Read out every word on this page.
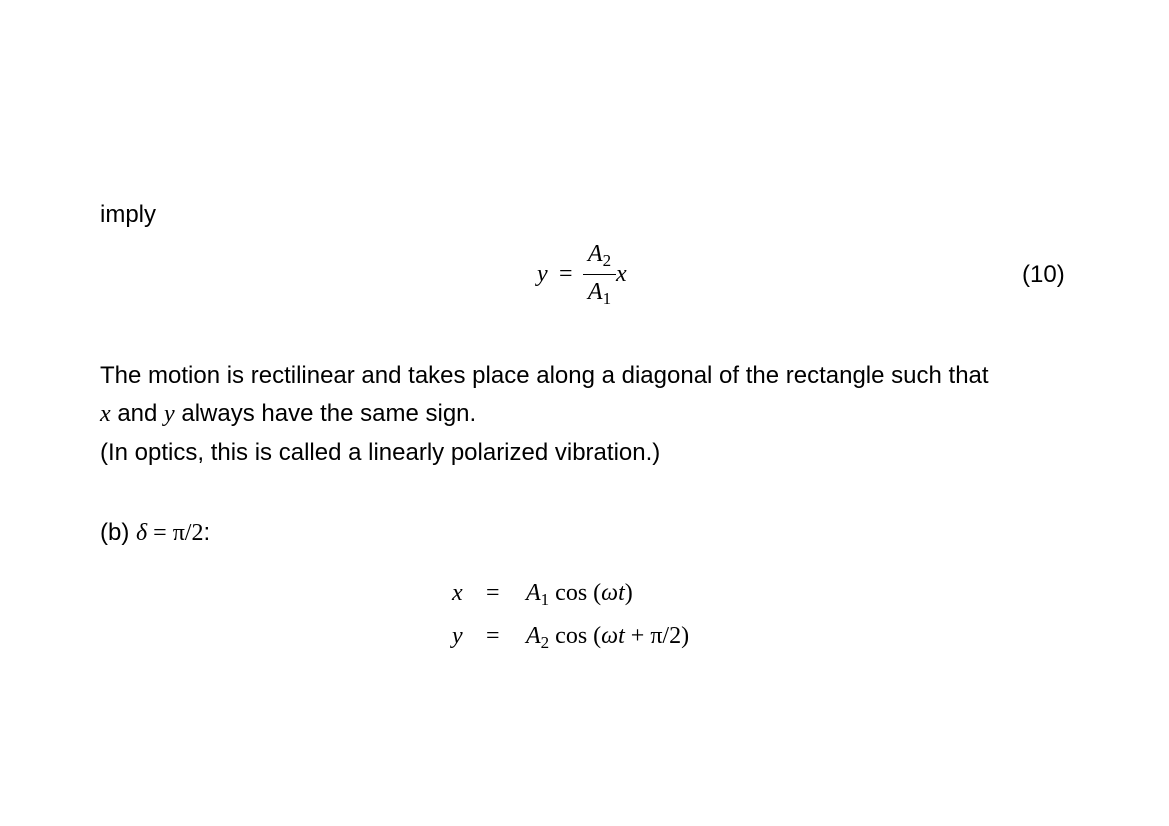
imply
y =
$A_2$
$A_1$
x	(10)
The motion is rectilinear and takes place along a diagonal of the rectangle such that
x and y always have the same sign.
(In optics, this is called a linearly polarized vibration.)
(b) δ = π/2:
$x = A_1$ cos (ωt)
$y = A_2$ cos (ωt + π/2)
